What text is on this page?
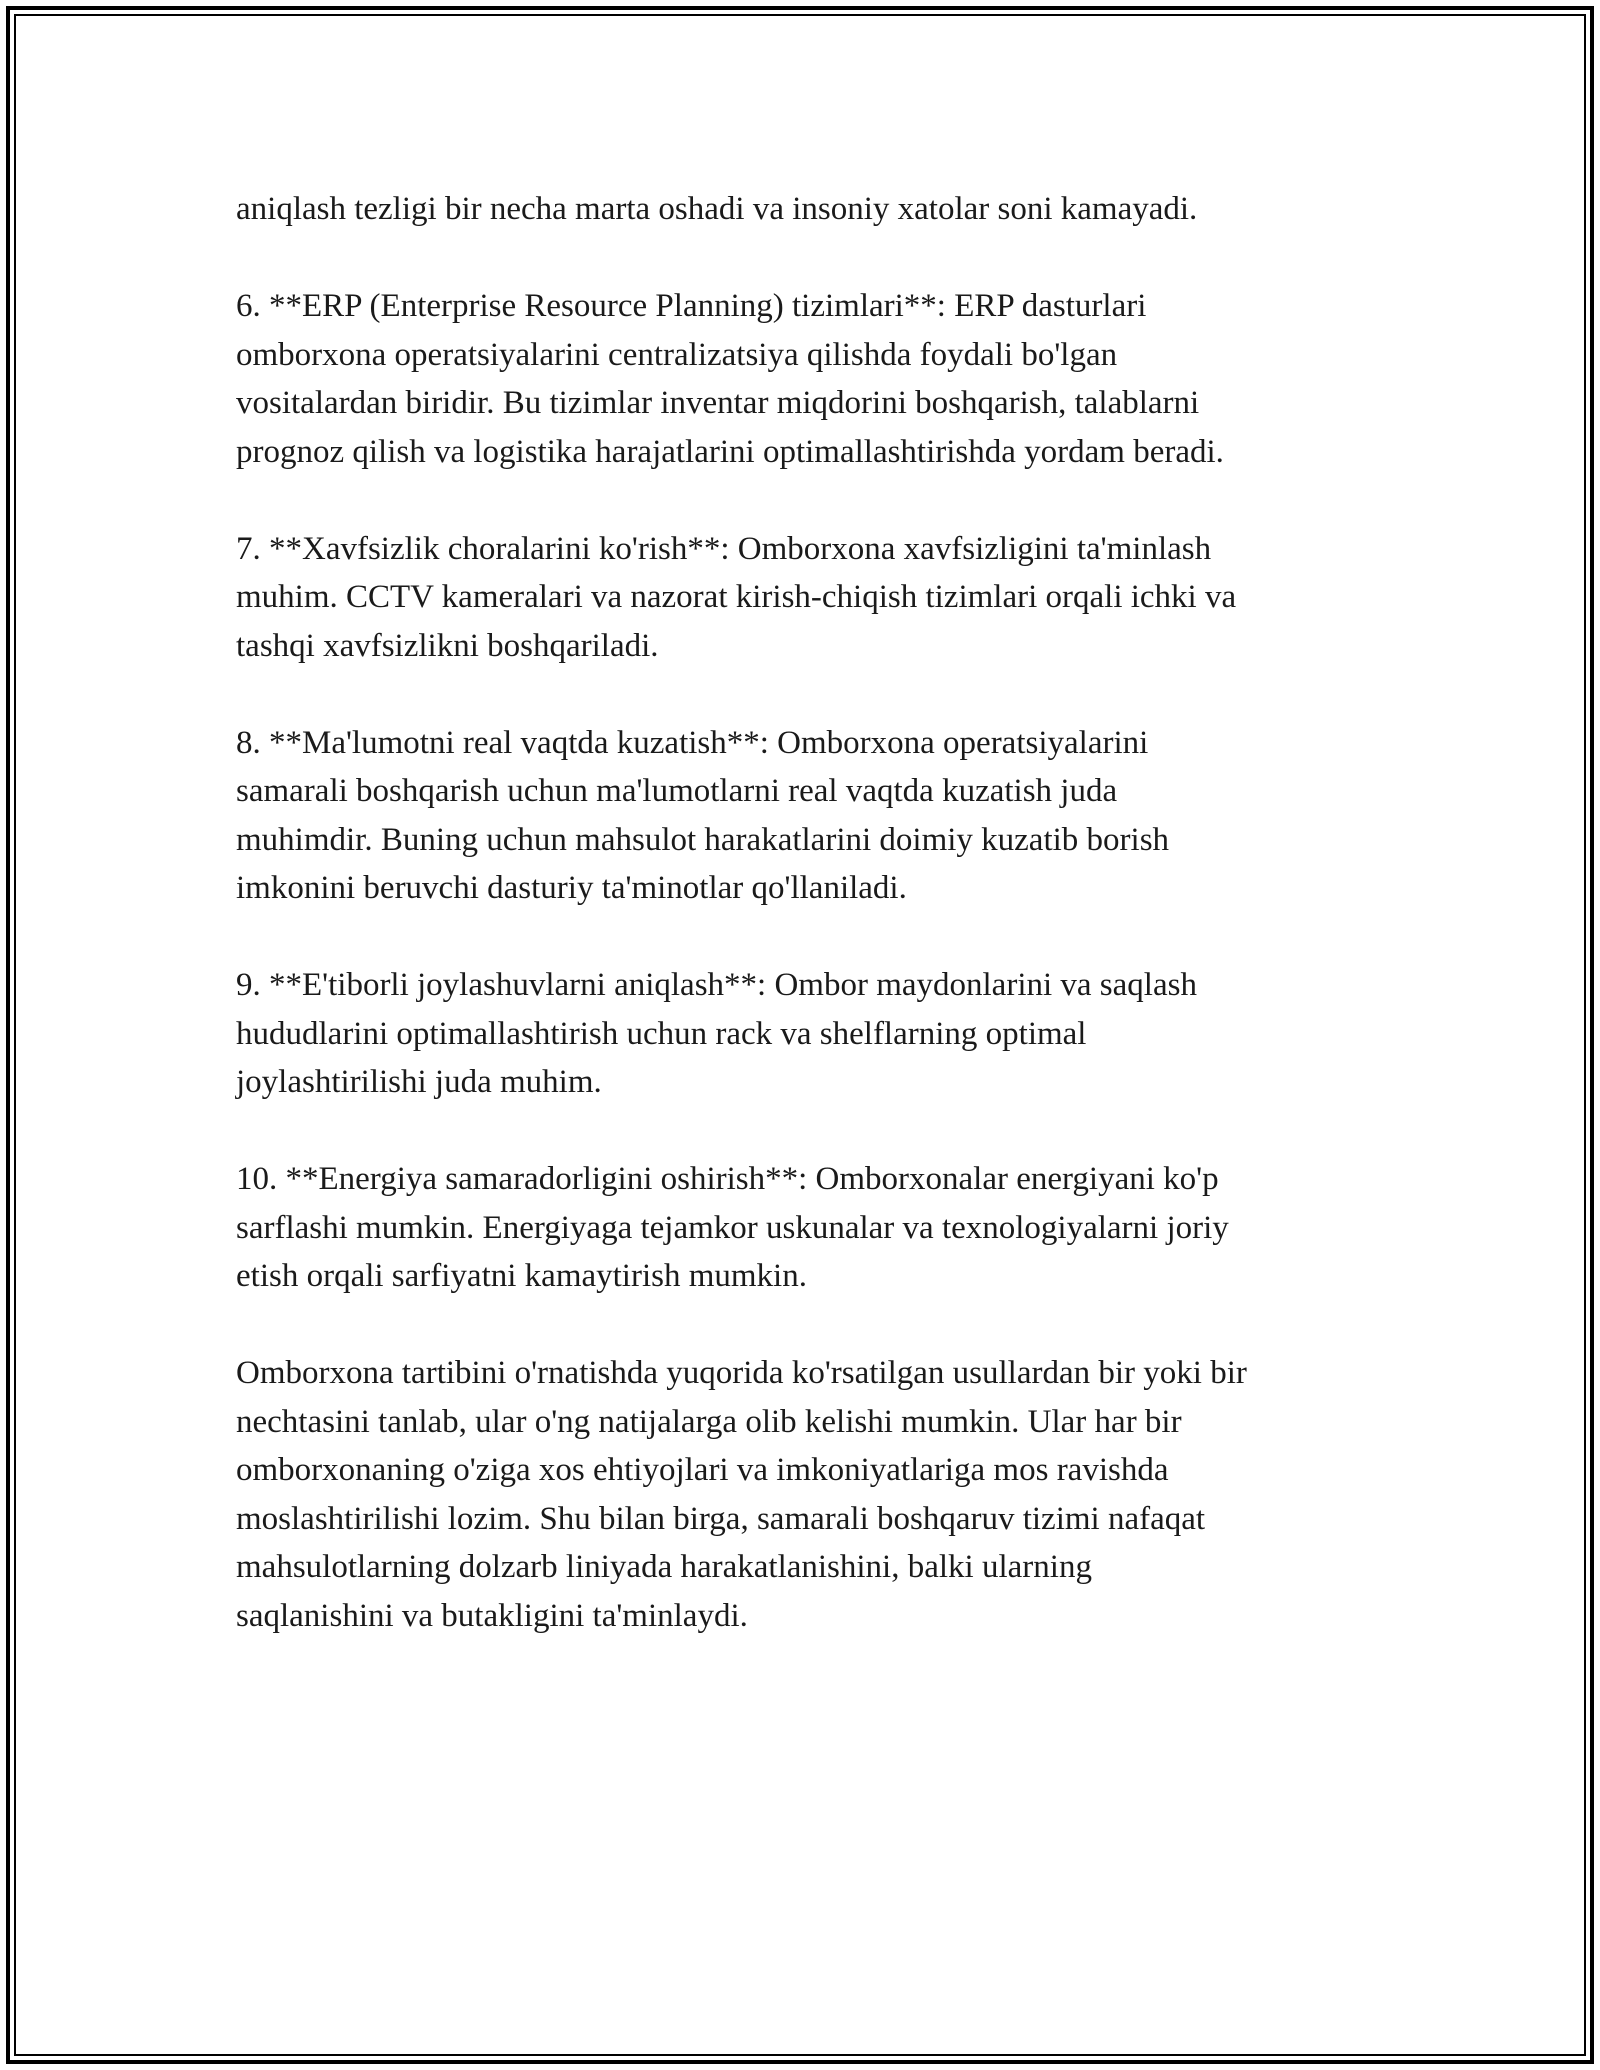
aniqlash tezligi bir necha marta oshadi va insoniy xatolar soni kamayadi.

6. **ERP (Enterprise Resource Planning) tizimlari**: ERP dasturlari
omborxona operatsiyalarini centralizatsiya qilishda foydali bo'lgan
vositalardan biridir. Bu tizimlar inventar miqdorini boshqarish, talablarni
prognoz qilish va logistika harajatlarini optimallashtirishda yordam beradi.

7. **Xavfsizlik choralarini ko'rish**: Omborxona xavfsizligini ta'minlash
muhim. CCTV kameralari va nazorat kirish-chiqish tizimlari orqali ichki va
tashqi xavfsizlikni boshqariladi.

8. **Ma'lumotni real vaqtda kuzatish**: Omborxona operatsiyalarini
samarali boshqarish uchun ma'lumotlarni real vaqtda kuzatish juda
muhimdir. Buning uchun mahsulot harakatlarini doimiy kuzatib borish
imkonini beruvchi dasturiy ta'minotlar qo'llaniladi.

9. **E'tiborli joylashuvlarni aniqlash**: Ombor maydonlarini va saqlash
hududlarini optimallashtirish uchun rack va shelflarning optimal
joylashtirilishi juda muhim.

10. **Energiya samaradorligini oshirish**: Omborxonalar energiyani ko'p
sarflashi mumkin. Energiyaga tejamkor uskunalar va texnologiyalarni joriy
etish orqali sarfiyatni kamaytirish mumkin.

Omborxona tartibini o'rnatishda yuqorida ko'rsatilgan usullardan bir yoki bir
nechtasini tanlab, ular o'ng natijalarga olib kelishi mumkin. Ular har bir
omborxonaning o'ziga xos ehtiyojlari va imkoniyatlariga mos ravishda
moslashtirilishi lozim. Shu bilan birga, samarali boshqaruv tizimi nafaqat
mahsulotlarning dolzarb liniyada harakatlanishini, balki ularning
saqlanishini va butakligini ta'minlaydi.
